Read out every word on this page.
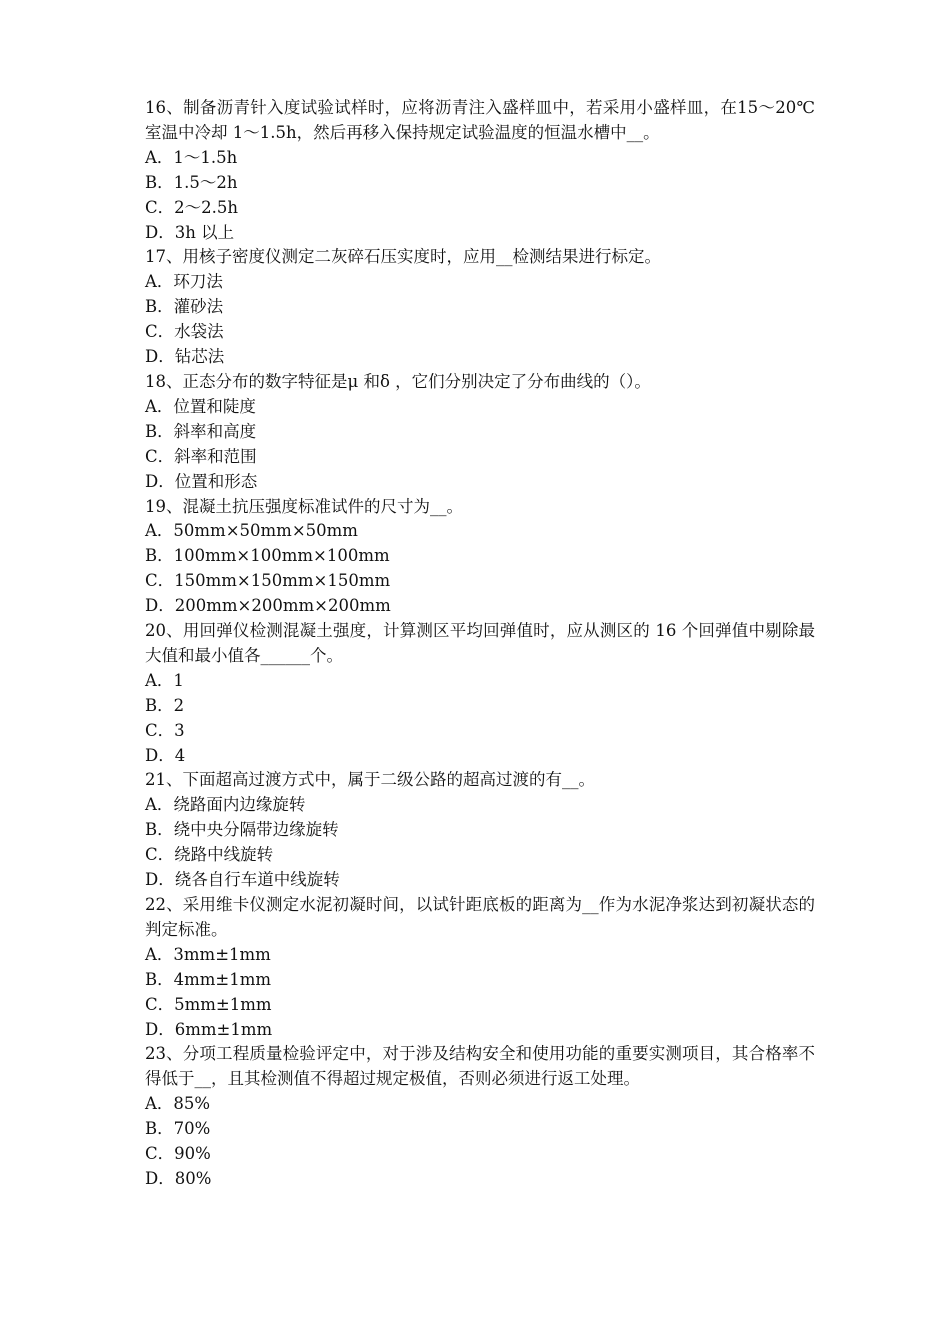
16、制备沥青针入度试验试样时，应将沥青注入盛样皿中，若采用小盛样皿，在15～20℃室温中冷却 1～1.5h，然后再移入保持规定试验温度的恒温水槽中__。

A．1～1.5h

B．1.5～2h

C．2～2.5h

D．3h 以上

17、用核子密度仪测定二灰碎石压实度时，应用__检测结果进行标定。

A．环刀法

B．灌砂法

C．水袋法

D．钻芯法

18、正态分布的数字特征是μ 和δ ，它们分别决定了分布曲线的（）。

A．位置和陡度

B．斜率和高度

C．斜率和范围

D．位置和形态

19、混凝土抗压强度标准试件的尺寸为__。

A．50mm×50mm×50mm

B．100mm×100mm×100mm

C．150mm×150mm×150mm

D．200mm×200mm×200mm

20、用回弹仪检测混凝土强度，计算测区平均回弹值时，应从测区的 16 个回弹值中剔除最大值和最小值各______个。

A．1

B．2

C．3

D．4

21、下面超高过渡方式中，属于二级公路的超高过渡的有__。

A．绕路面内边缘旋转

B．绕中央分隔带边缘旋转

C．绕路中线旋转

D．绕各自行车道中线旋转

22、采用维卡仪测定水泥初凝时间，以试针距底板的距离为__作为水泥净浆达到初凝状态的判定标准。

A．3mm±1mm

B．4mm±1mm

C．5mm±1mm

D．6mm±1mm

23、分项工程质量检验评定中，对于涉及结构安全和使用功能的重要实测项目，其合格率不得低于__，且其检测值不得超过规定极值，否则必须进行返工处理。

A．85%

B．70%

C．90%

D．80%
